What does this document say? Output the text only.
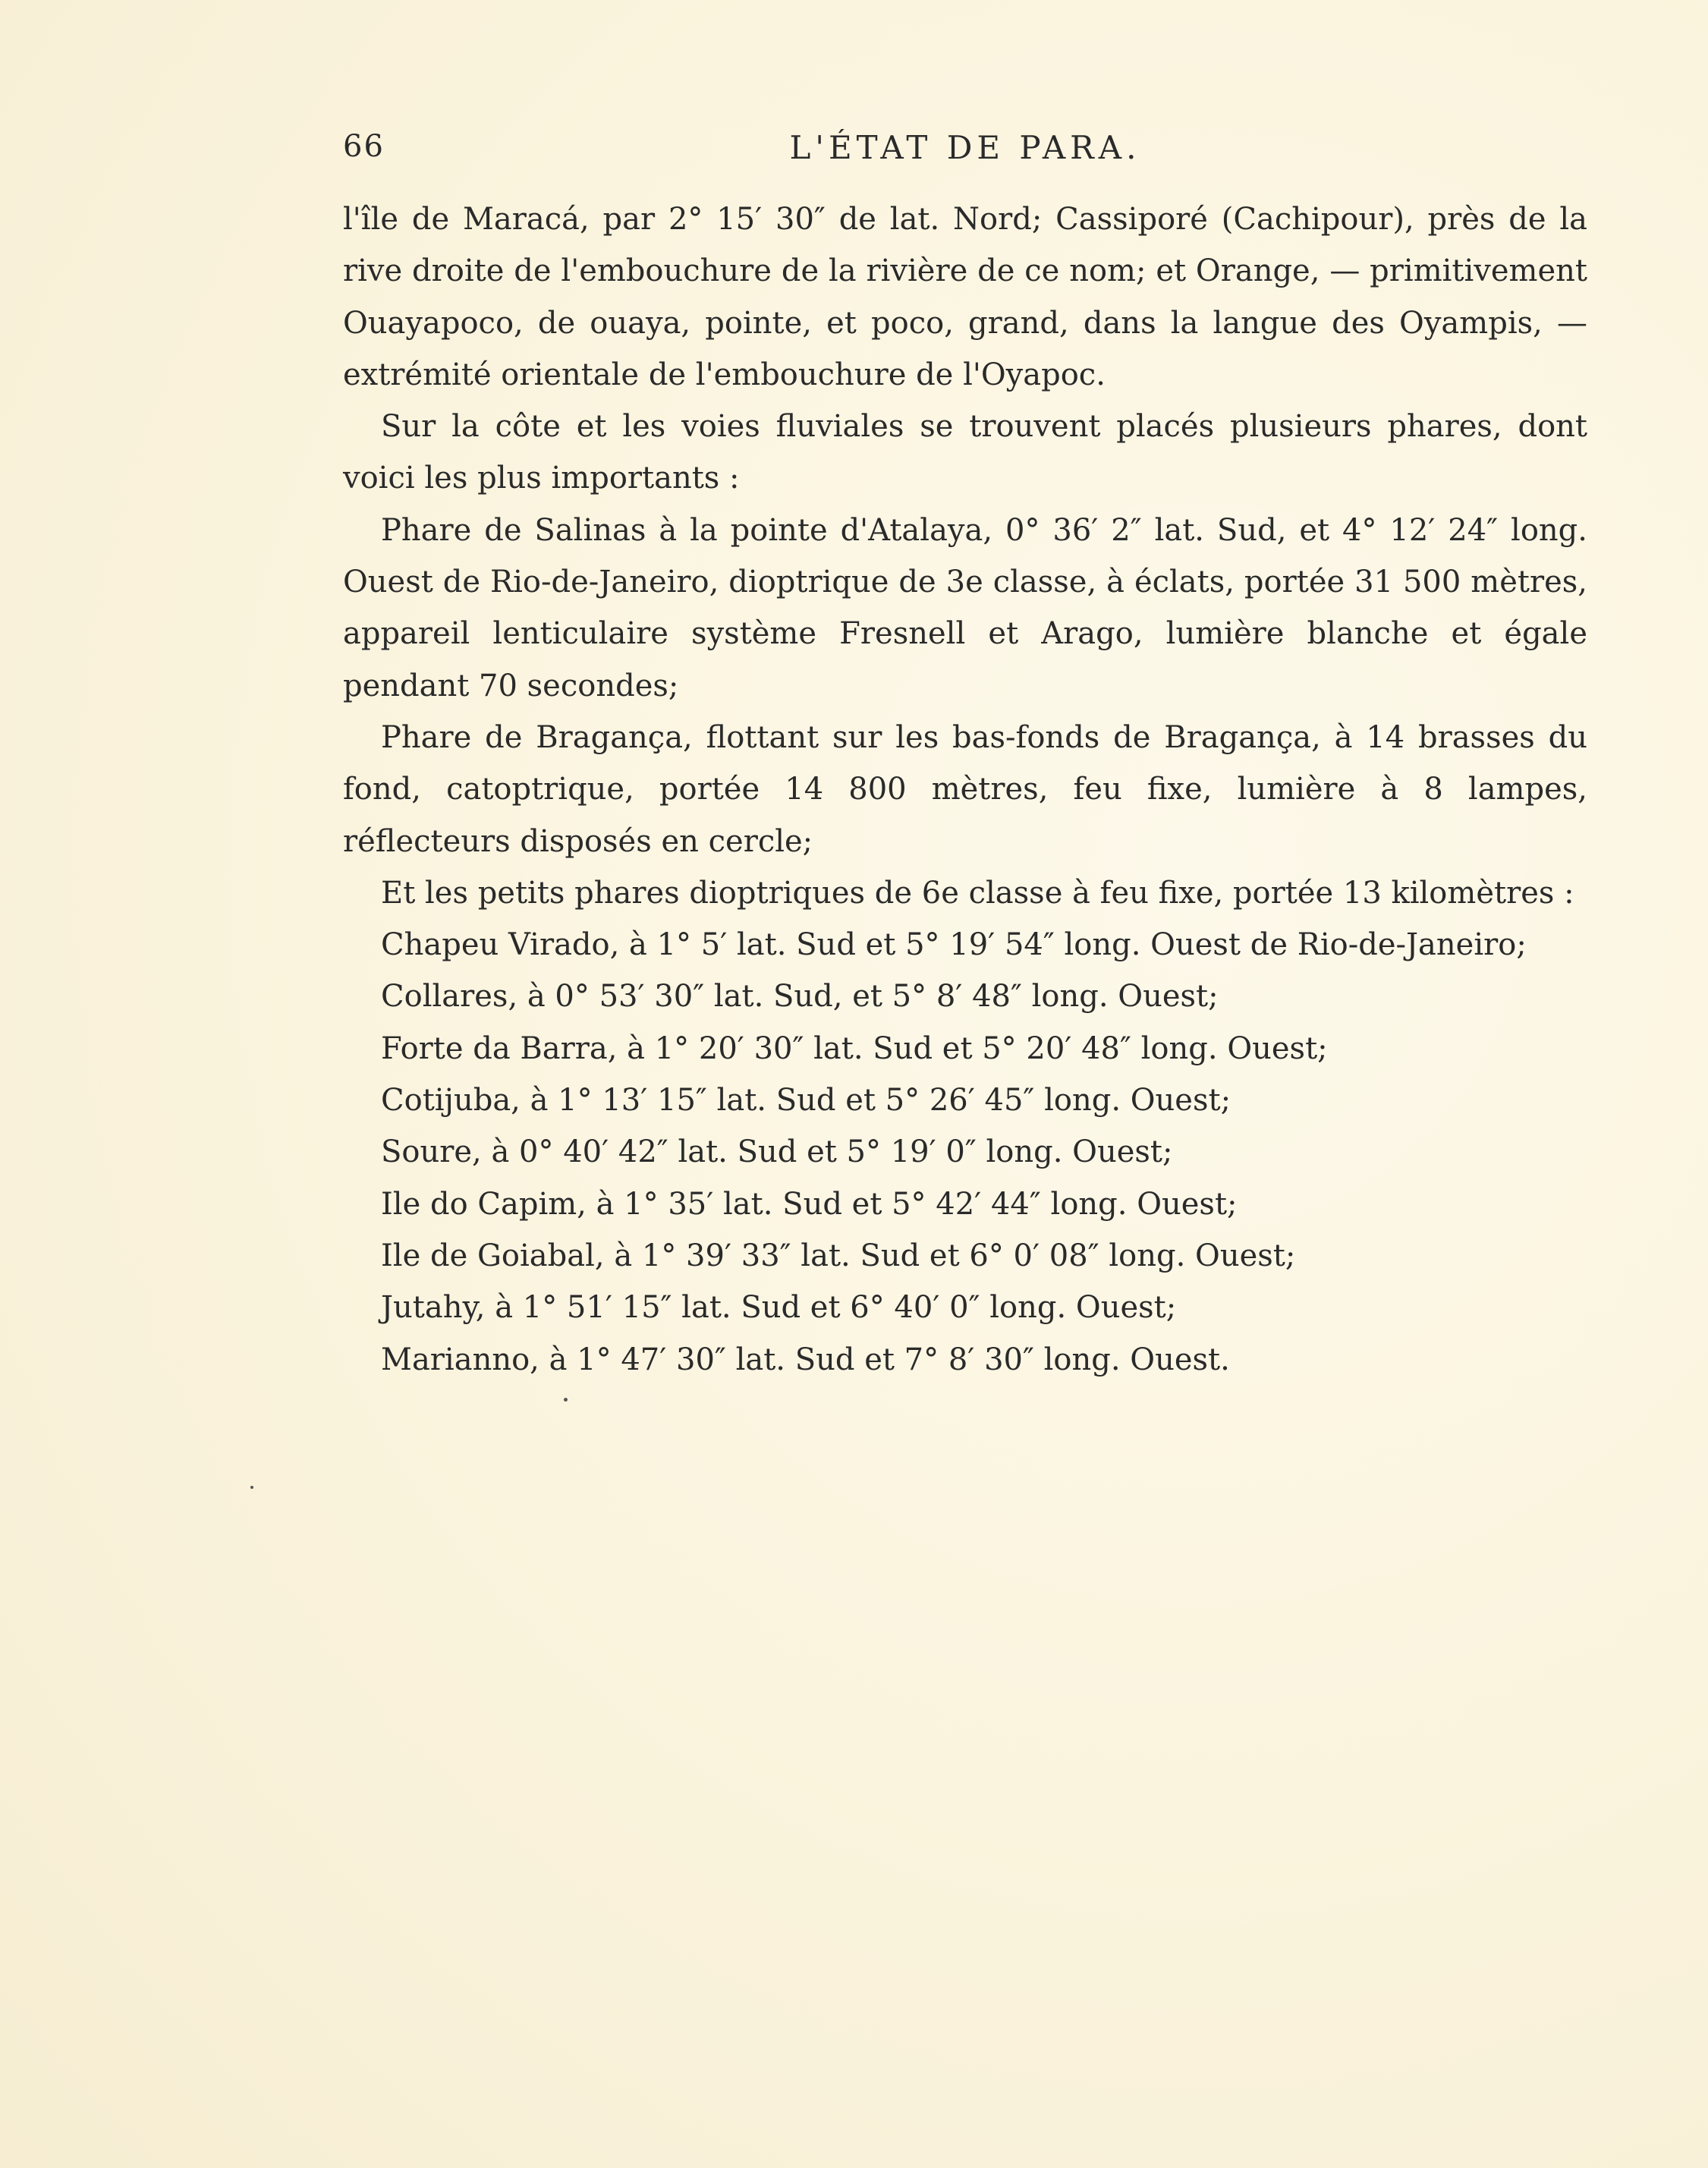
66	L'ÉTAT DE PARA.

l'île de Maracá, par 2° 15′ 30″ de lat. Nord; Cassiporé (Cachipour), près de la rive droite de l'embouchure de la rivière de ce nom; et Orange, — primitivement Ouayapoco, de ouaya, pointe, et poco, grand, dans la langue des Oyampis, — extrémité orientale de l'embouchure de l'Oyapoc.

Sur la côte et les voies fluviales se trouvent placés plusieurs phares, dont voici les plus importants :

Phare de Salinas à la pointe d'Atalaya, 0° 36′ 2″ lat. Sud, et 4° 12′ 24″ long. Ouest de Rio-de-Janeiro, dioptrique de 3e classe, à éclats, portée 31 500 mètres, appareil lenticulaire système Fresnell et Arago, lumière blanche et égale pendant 70 secondes;

Phare de Bragança, flottant sur les bas-fonds de Bragança, à 14 brasses du fond, catoptrique, portée 14 800 mètres, feu fixe, lumière à 8 lampes, réflecteurs disposés en cercle;

Et les petits phares dioptriques de 6e classe à feu fixe, portée 13 kilomètres :

Chapeu Virado, à 1° 5′ lat. Sud et 5° 19′ 54″ long. Ouest de Rio-de-Janeiro;

Collares, à 0° 53′ 30″ lat. Sud, et 5° 8′ 48″ long. Ouest;

Forte da Barra, à 1° 20′ 30″ lat. Sud et 5° 20′ 48″ long. Ouest;

Cotijuba, à 1° 13′ 15″ lat. Sud et 5° 26′ 45″ long. Ouest;

Soure, à 0° 40′ 42″ lat. Sud et 5° 19′ 0″ long. Ouest;

Ile do Capim, à 1° 35′ lat. Sud et 5° 42′ 44″ long. Ouest;

Ile de Goiabal, à 1° 39′ 33″ lat. Sud et 6° 0′ 08″ long. Ouest;

Jutahy, à 1° 51′ 15″ lat. Sud et 6° 40′ 0″ long. Ouest;

Marianno, à 1° 47′ 30″ lat. Sud et 7° 8′ 30″ long. Ouest.
